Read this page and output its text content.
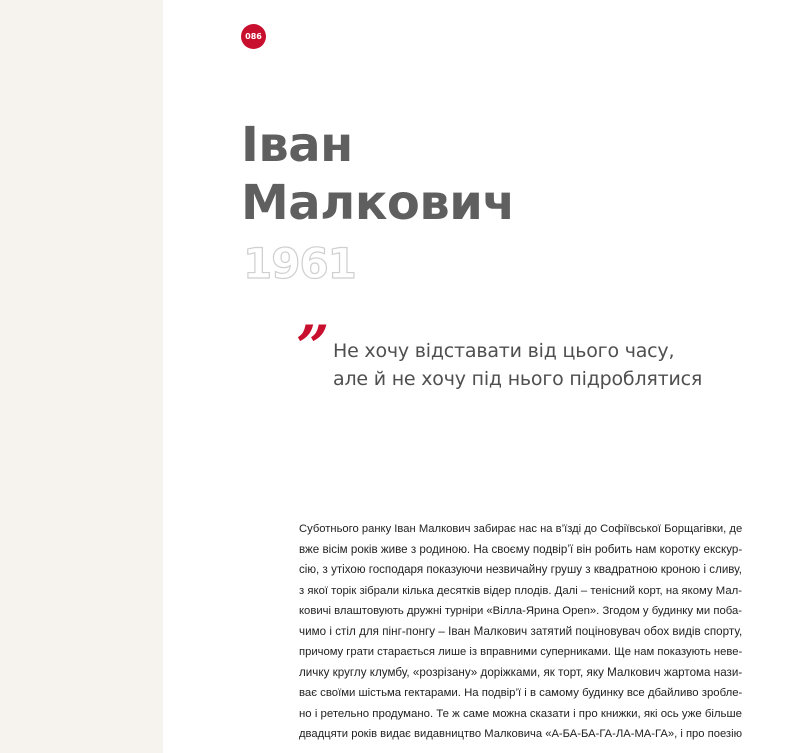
086
Іван
Малкович
1961
” Не хочу відставати від цього часу,
але й не хочу під нього підроблятися
Суботнього ранку Іван Малкович забирає нас на в’їзді до Софіївської Борщагівки, де
вже вісім років живе з родиною. На своєму подвір’ї він робить нам коротку екскур-
сію, з утіхою господаря показуючи незвичайну грушу з квадратною кроною і сливу,
з якої торік зібрали кілька десятків відер плодів. Далі – тенісний корт, на якому Мал-
ковичі влаштовують дружні турніри «Вілла-Ярина Open». Згодом у будинку ми поба-
чимо і стіл для пінг-понгу – Іван Малкович затятий поціновувач обох видів спорту,
причому грати старається лише із вправними суперниками. Ще нам показують неве-
личку круглу клумбу, «розрізану» доріжками, як торт, яку Малкович жартома нази-
ває своїми шістьма гектарами. На подвір’ї і в самому будинку все дбайливо зроблe-
но і ретельно продумано. Те ж саме можна сказати і про книжки, які ось уже більше
двадцяти років видає видавництво Малковича «А-БА-БА-ГА-ЛА-МА-ГА», і про поезію
